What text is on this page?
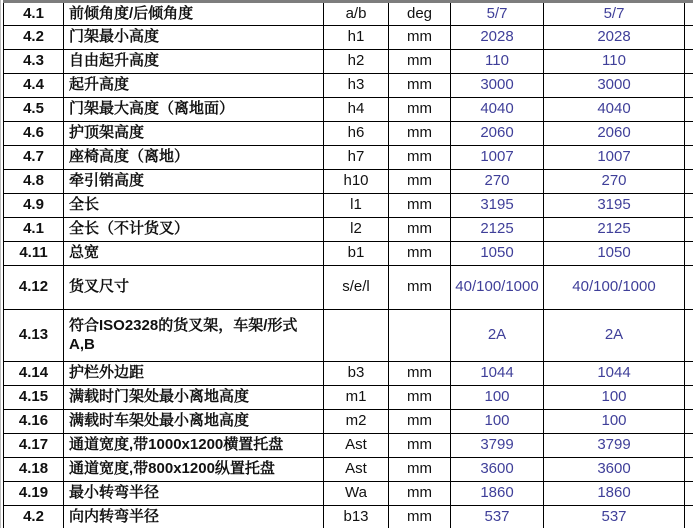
4.1	前倾角度/后倾角度	a/b	deg	5/7	5/7	
4.2	门架最小高度	h1	mm	2028	2028	
4.3	自由起升高度	h2	mm	110	110	
4.4	起升高度	h3	mm	3000	3000	
4.5	门架最大高度（离地面）	h4	mm	4040	4040	
4.6	护顶架高度	h6	mm	2060	2060	
4.7	座椅高度（离地）	h7	mm	1007	1007	
4.8	牵引销高度	h10	mm	270	270	
4.9	全长	l1	mm	3195	3195	
4.1	全长（不计货叉）	l2	mm	2125	2125	
4.11	总宽	b1	mm	1050	1050	
4.12	货叉尺寸	s/e/l	mm	40/100/1000	40/100/1000	
4.13	符合ISO2328的货叉架，车架/形式A,B			2A	2A	
4.14	护栏外边距	b3	mm	1044	1044	
4.15	满载时门架处最小离地高度	m1	mm	100	100	
4.16	满载时车架处最小离地高度	m2	mm	100	100	
4.17	通道宽度,带1000x1200横置托盘	Ast	mm	3799	3799	
4.18	通道宽度,带800x1200纵置托盘	Ast	mm	3600	3600	
4.19	最小转弯半径	Wa	mm	1860	1860	
4.2	向内转弯半径	b13	mm	537	537	
